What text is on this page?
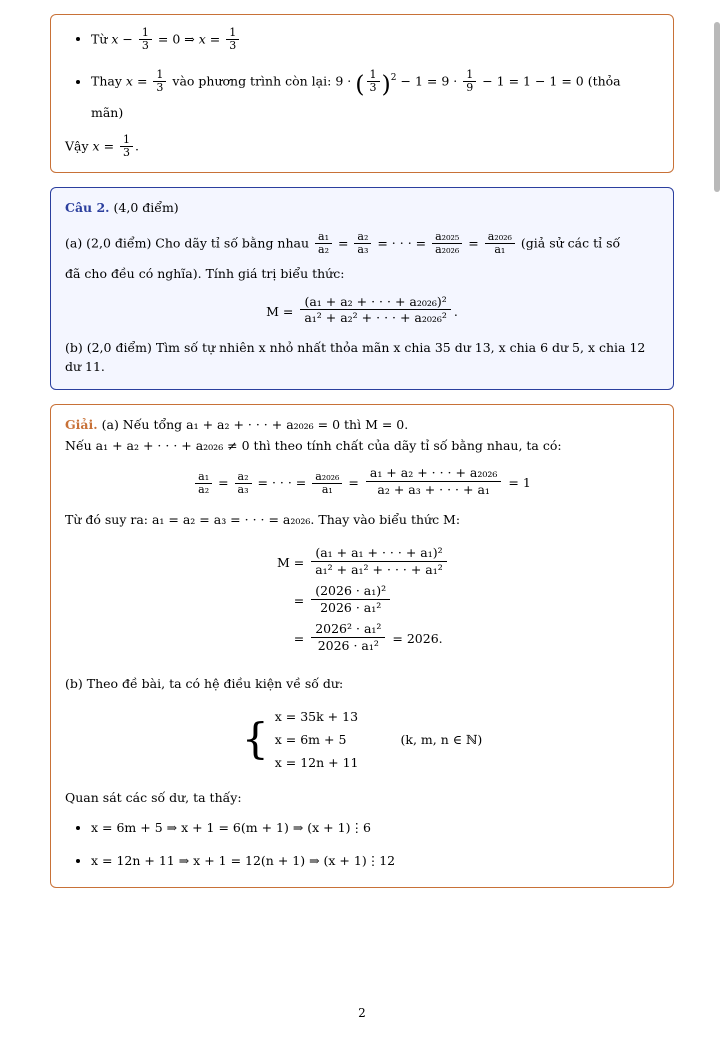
• Từ $x - \frac{1}{3} = 0$ ⇒ $x = \frac{1}{3}$
• Thay $x = \frac{1}{3}$ vào phương trình còn lại: 9 · ( $\frac{1}{3} )^2 - 1 = 9 \cdot \frac{1}{9} - 1 = 1 - 1 = 0$ (thỏa
mãn)

Vậy $x = \frac{1}{3}$ .

Câu 2. (4,0 điểm)

(a) (2,0 điểm) Cho dãy tỉ số bằng nhau $\frac{\text{a₁}}{\text{a₂}} = \frac{\text{a₂}}{\text{a₃}}$ = · · · = $\frac{\text{a₂₀₂₅}}{\text{a₂₀₂₆}} = \frac{\text{a₂₀₂₆}}{\text{a₁}}$ (giả sử các tỉ số

đã cho đều có nghĩa). Tính giá trị biểu thức:

$M = \frac{\text{(a₁ + a₂ + · · · + a₂₀₂₆)²}}{\text{a₁² + a₂² + · · · + a₂₀₂₆²}}$ .

(b) (2,0 điểm) Tìm số tự nhiên x nhỏ nhất thỏa mãn x chia 35 dư 13, x chia 6 dư 5, x chia 12 dư 11.

Giải. (a) Nếu tổng a₁ + a₂ + · · · + a₂₀₂₆ = 0 thì M = 0.

Nếu a₁ + a₂ + · · · + a₂₀₂₆ ≠ 0 thì theo tính chất của dãy tỉ số bằng nhau, ta có:

$\frac{\text{a₁}}{\text{a₂}} = \frac{\text{a₂}}{\text{a₃}}$ = · · · = $\frac{\text{a₂₀₂₆}}{\text{a₁}} = \frac{\text{a₁ + a₂ + · · · + a₂₀₂₆}}{\text{a₂ + a₃ + · · · + a₁}} = 1$

Từ đó suy ra: a₁ = a₂ = a₃ = · · · = a₂₀₂₆. Thay vào biểu thức M:

$M = \frac{\text{(a₁ + a₁ + · · · + a₁)²}}{\text{a₁² + a₁² + · · · + a₁²}}$
= $\frac{\text{(2026 · a₁)²}}{\text{2026 · a₁²}}$
= $\frac{\text{2026² · a₁²}}{\text{2026 · a₁²}} = 2026$.

(b) Theo đề bài, ta có hệ điều kiện về số dư:

{ x = 35k + 13
x = 6m + 5
x = 12n + 11
(k, m, n ∈ ℕ)

Quan sát các số dư, ta thấy:

• x = 6m + 5 ⇒ x + 1 = 6(m + 1) ⇒ (x + 1)⋮6
• x = 12n + 11 ⇒ x + 1 = 12(n + 1) ⇒ (x + 1)⋮12
2
